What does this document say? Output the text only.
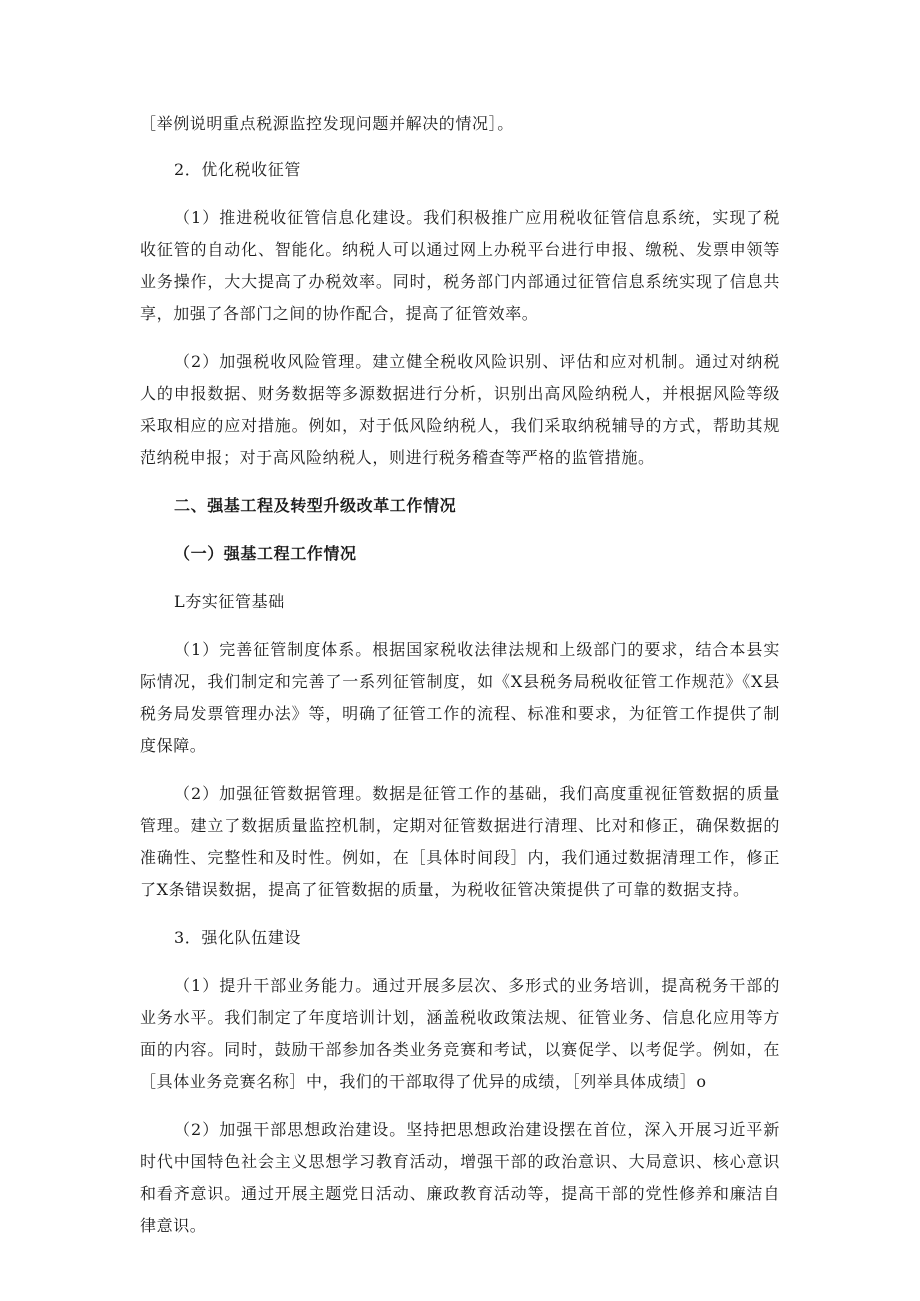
［举例说明重点税源监控发现问题并解决的情况］。

2．优化税收征管

（1）推进税收征管信息化建设。我们积极推广应用税收征管信息系统，实现了税收征管的自动化、智能化。纳税人可以通过网上办税平台进行申报、缴税、发票申领等业务操作，大大提高了办税效率。同时，税务部门内部通过征管信息系统实现了信息共享，加强了各部门之间的协作配合，提高了征管效率。

（2）加强税收风险管理。建立健全税收风险识别、评估和应对机制。通过对纳税人的申报数据、财务数据等多源数据进行分析，识别出高风险纳税人，并根据风险等级采取相应的应对措施。例如，对于低风险纳税人，我们采取纳税辅导的方式，帮助其规范纳税申报；对于高风险纳税人，则进行税务稽查等严格的监管措施。

二、强基工程及转型升级改革工作情况

（一）强基工程工作情况

L夯实征管基础

（1）完善征管制度体系。根据国家税收法律法规和上级部门的要求，结合本县实际情况，我们制定和完善了一系列征管制度，如《X县税务局税收征管工作规范》《X县税务局发票管理办法》等，明确了征管工作的流程、标准和要求，为征管工作提供了制度保障。

（2）加强征管数据管理。数据是征管工作的基础，我们高度重视征管数据的质量管理。建立了数据质量监控机制，定期对征管数据进行清理、比对和修正，确保数据的准确性、完整性和及时性。例如，在［具体时间段］内，我们通过数据清理工作，修正了X条错误数据，提高了征管数据的质量，为税收征管决策提供了可靠的数据支持。

3．强化队伍建设

（1）提升干部业务能力。通过开展多层次、多形式的业务培训，提高税务干部的业务水平。我们制定了年度培训计划，涵盖税收政策法规、征管业务、信息化应用等方面的内容。同时，鼓励干部参加各类业务竞赛和考试，以赛促学、以考促学。例如，在［具体业务竞赛名称］中，我们的干部取得了优异的成绩，［列举具体成绩］o

（2）加强干部思想政治建设。坚持把思想政治建设摆在首位，深入开展习近平新时代中国特色社会主义思想学习教育活动，增强干部的政治意识、大局意识、核心意识和看齐意识。通过开展主题党日活动、廉政教育活动等，提高干部的党性修养和廉洁自律意识。
